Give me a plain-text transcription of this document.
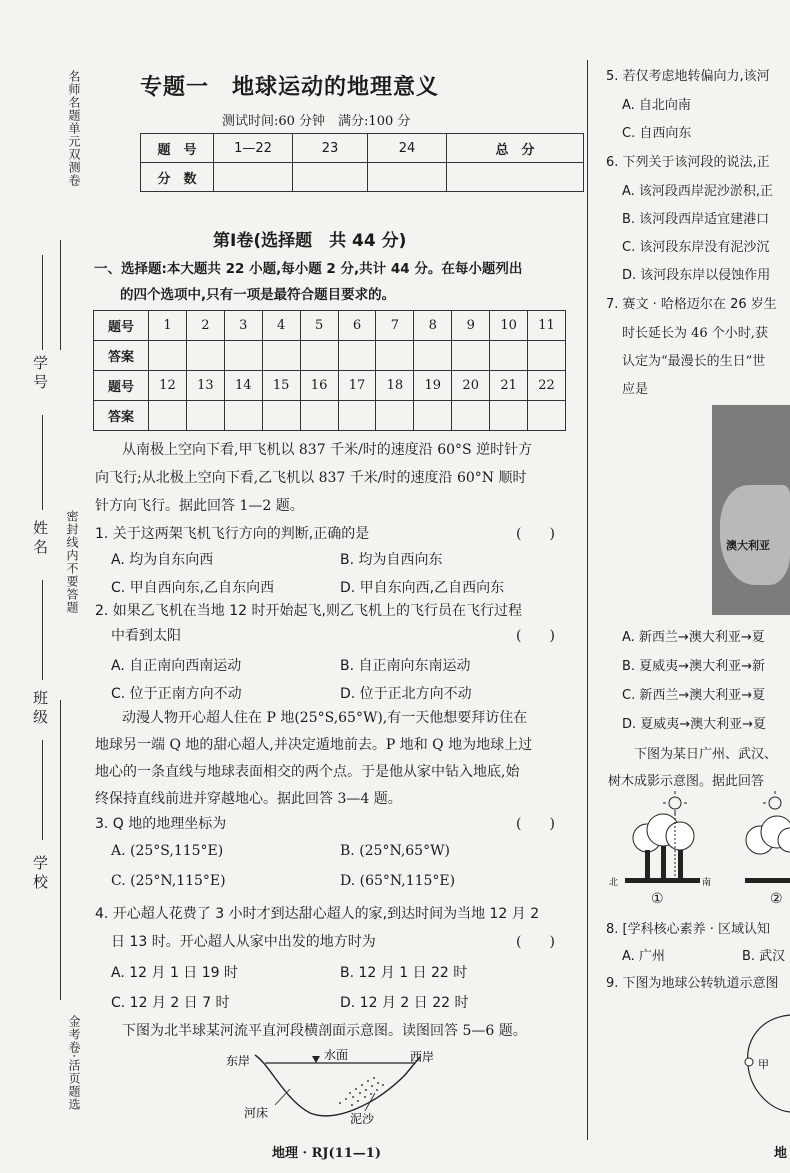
名师名题单元双测卷
学号
姓名 密封线内不要答题
班级
学校
金考卷·活页题选
专题一　地球运动的地理意义
测试时间:60 分钟　满分:100 分
题　号	1—22	23	24	总　分
分　数				
第Ⅰ卷(选择题　共 44 分)
一、选择题:本大题共 22 小题,每小题 2 分,共计 44 分。在每小题列出
的四个选项中,只有一项是最符合题目要求的。
题号	1	2	3	4	5	6	7	8	9	10	11
答案											
题号	12	13	14	15	16	17	18	19	20	21	22
答案											
从南极上空向下看,甲飞机以 837 千米/时的速度沿 60°S 逆时针方
向飞行;从北极上空向下看,乙飞机以 837 千米/时的速度沿 60°N 顺时
针方向飞行。据此回答 1—2 题。
1. 关于这两架飞机飞行方向的判断,正确的是	(　　)
A. 均为自东向西	B. 均为自西向东
C. 甲自西向东,乙自东向西	D. 甲自东向西,乙自西向东
2. 如果乙飞机在当地 12 时开始起飞,则乙飞机上的飞行员在飞行过程
中看到太阳	(　　)
A. 自正南向西南运动	B. 自正南向东南运动
C. 位于正南方向不动	D. 位于正北方向不动
动漫人物开心超人住在 P 地(25°S,65°W),有一天他想要拜访住在
地球另一端 Q 地的甜心超人,并决定遁地前去。P 地和 Q 地为地球上过
地心的一条直线与地球表面相交的两个点。于是他从家中钻入地底,始
终保持直线前进并穿越地心。据此回答 3—4 题。
3. Q 地的地理坐标为	(　　)
A. (25°S,115°E)	B. (25°N,65°W)
C. (25°N,115°E)	D. (65°N,115°E)
4. 开心超人花费了 3 小时才到达甜心超人的家,到达时间为当地 12 月 2
日 13 时。开心超人从家中出发的地方时为	(　　)
A. 12 月 1 日 19 时	B. 12 月 1 日 22 时
C. 12 月 2 日 7 时	D. 12 月 2 日 22 时
下图为北半球某河流平直河段横剖面示意图。读图回答 5—6 题。
东岸	水面	西岸
河床	泥沙
地理 · RJ(11—1)
5. 若仅考虑地转偏向力,该河
A. 自北向南
C. 自西向东
6. 下列关于该河段的说法,正
A. 该河段西岸泥沙淤积,正
B. 该河段西岸适宜建港口
C. 该河段东岸没有泥沙沉
D. 该河段东岸以侵蚀作用
7. 赛文 · 哈格迈尔在 26 岁生
时长延长为 46 个小时,获
认定为“最漫长的生日”世
应是
澳大利亚
A. 新西兰→澳大利亚→夏
B. 夏威夷→澳大利亚→新
C. 新西兰→澳大利亚→夏
D. 夏威夷→澳大利亚→夏
下图为某日广州、武汉、
树木成影示意图。据此回答
北	南
①	②
8. [学科核心素养 · 区域认知
A. 广州	B. 武汉
9. 下图为地球公转轨道示意图
甲
地
